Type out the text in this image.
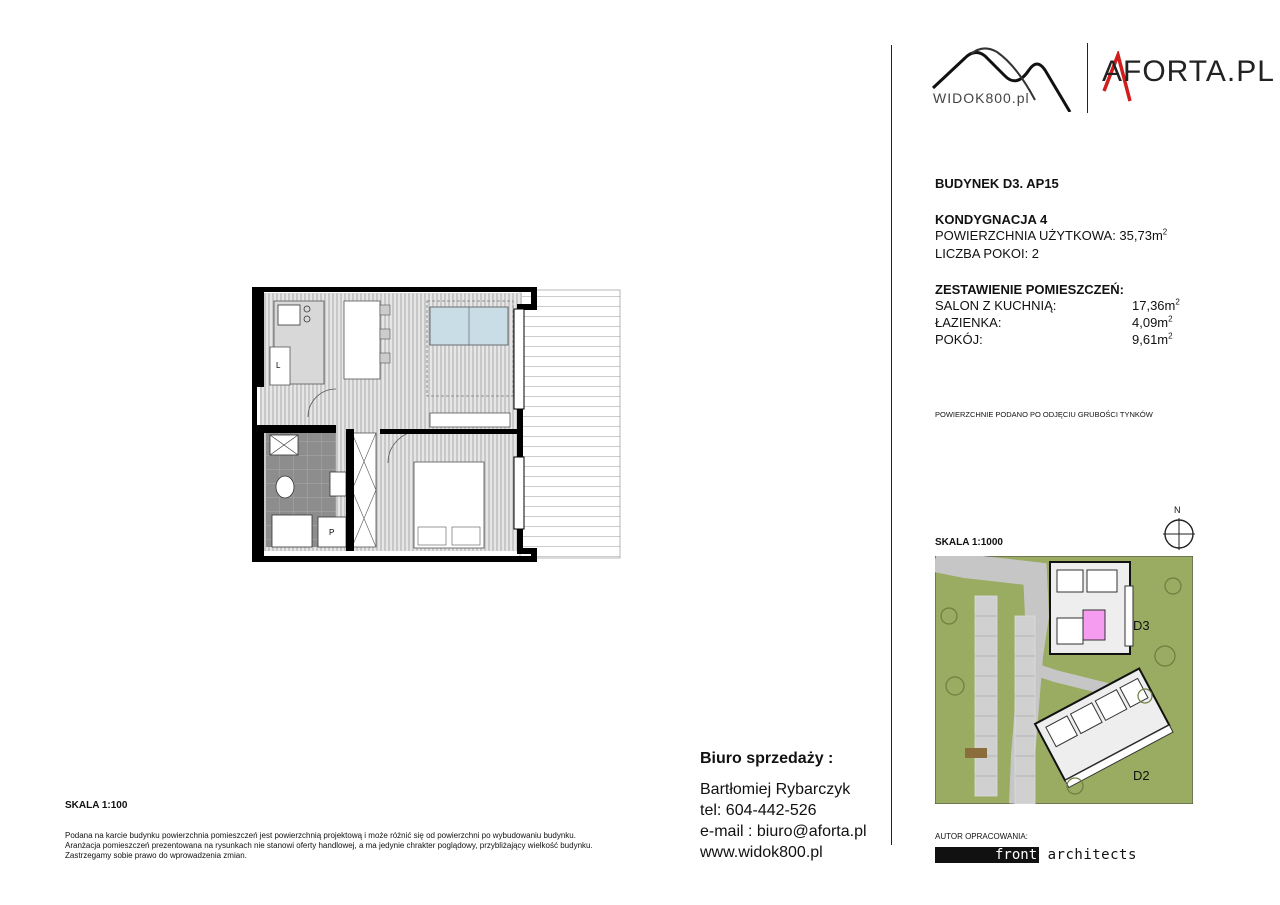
WIDOK800.pl
AFORTA.PL
BUDYNEK D3. AP15
KONDYGNACJA 4
POWIERZCHNIA UŻYTKOWA: $35,73m^2$
LICZBA POKOI: 2
ZESTAWIENIE POMIESZCZEŃ:
SALON Z KUCHNIĄ:	$17,36m^2$
ŁAZIENKA:	$4,09m^2$
POKÓJ:	$9,61m^2$
POWIERZCHNIE PODANO PO ODJĘCIU GRUBOŚCI TYNKÓW
L
P
SKALA 1:1000
N
D3
D2
SKALA 1:100
Podana na karcie budynku powierzchnia pomieszczeń jest powierzchnią projektową i może różnić się od powierzchni po wybudowaniu budynku.
Aranżacja pomieszczeń prezentowana na rysunkach nie stanowi oferty handlowej, a ma jedynie chrakter poglądowy, przybliżający wielkość budynku.
Zastrzegamy sobie prawo do wprowadzenia zmian.
Biuro sprzedaży :
Bartłomiej Rybarczyk
tel: 604-442-526
e-mail : biuro@aforta.pl
www.widok800.pl
AUTOR OPRACOWANIA:
front architects
